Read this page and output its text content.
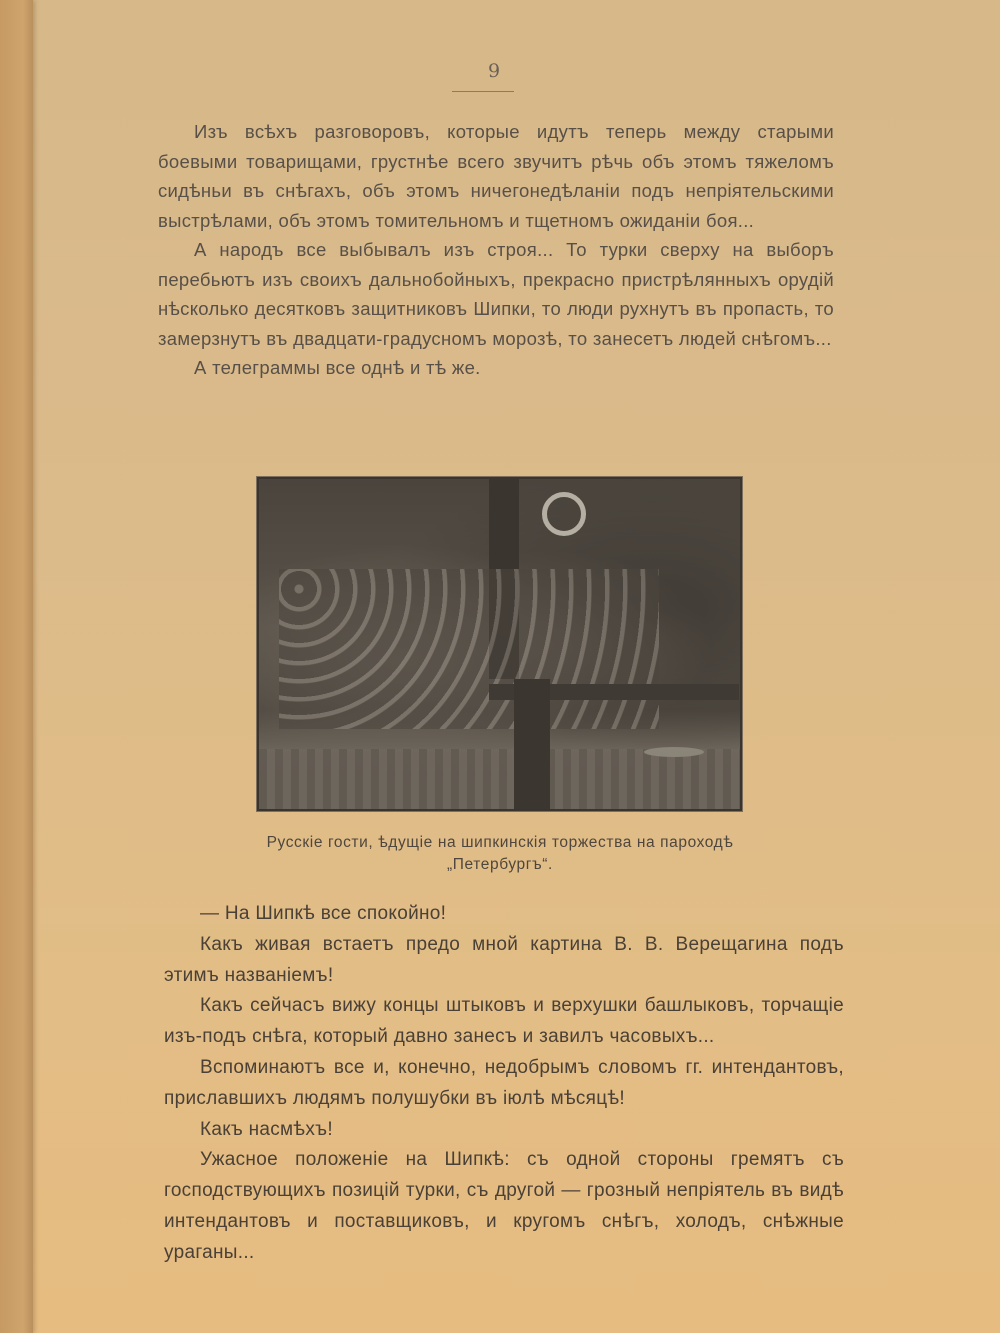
9

Изъ всѣхъ разговоровъ, которые идутъ теперь между старыми боевыми товарищами, грустнѣе всего звучитъ рѣчь объ этомъ тяжеломъ сидѣньи въ снѣгахъ, объ этомъ ничегонедѣланіи подъ непріятельскими выстрѣлами, объ этомъ томительномъ и тщетномъ ожиданіи боя...

А народъ все выбывалъ изъ строя... То турки сверху на выборъ перебьютъ изъ своихъ дальнобойныхъ, прекрасно пристрѣлянныхъ орудій нѣсколько десятковъ защитниковъ Шипки, то люди рухнутъ въ пропасть, то замерзнутъ въ двадцати-градусномъ морозѣ, то занесетъ людей снѣгомъ...

А телеграммы все однѣ и тѣ же.

Русскіе гости, ѣдущіе на шипкинскія торжества на пароходѣ
„Петербургъ“.

— На Шипкѣ все спокойно!

Какъ живая встаетъ предо мной картина В. В. Верещагина подъ этимъ названіемъ!

Какъ сейчасъ вижу концы штыковъ и верхушки башлыковъ, торчащіе изъ-подъ снѣга, который давно занесъ и завилъ часовыхъ...

Вспоминаютъ все и, конечно, недобрымъ словомъ гг. интендантовъ, приславшихъ людямъ полушубки въ іюлѣ мѣсяцѣ!

Какъ насмѣхъ!

Ужасное положеніе на Шипкѣ: съ одной стороны гремятъ съ господствующихъ позицій турки, съ другой — грозный непріятель въ видѣ интендантовъ и поставщиковъ, и кругомъ снѣгъ, холодъ, снѣжные ураганы...
